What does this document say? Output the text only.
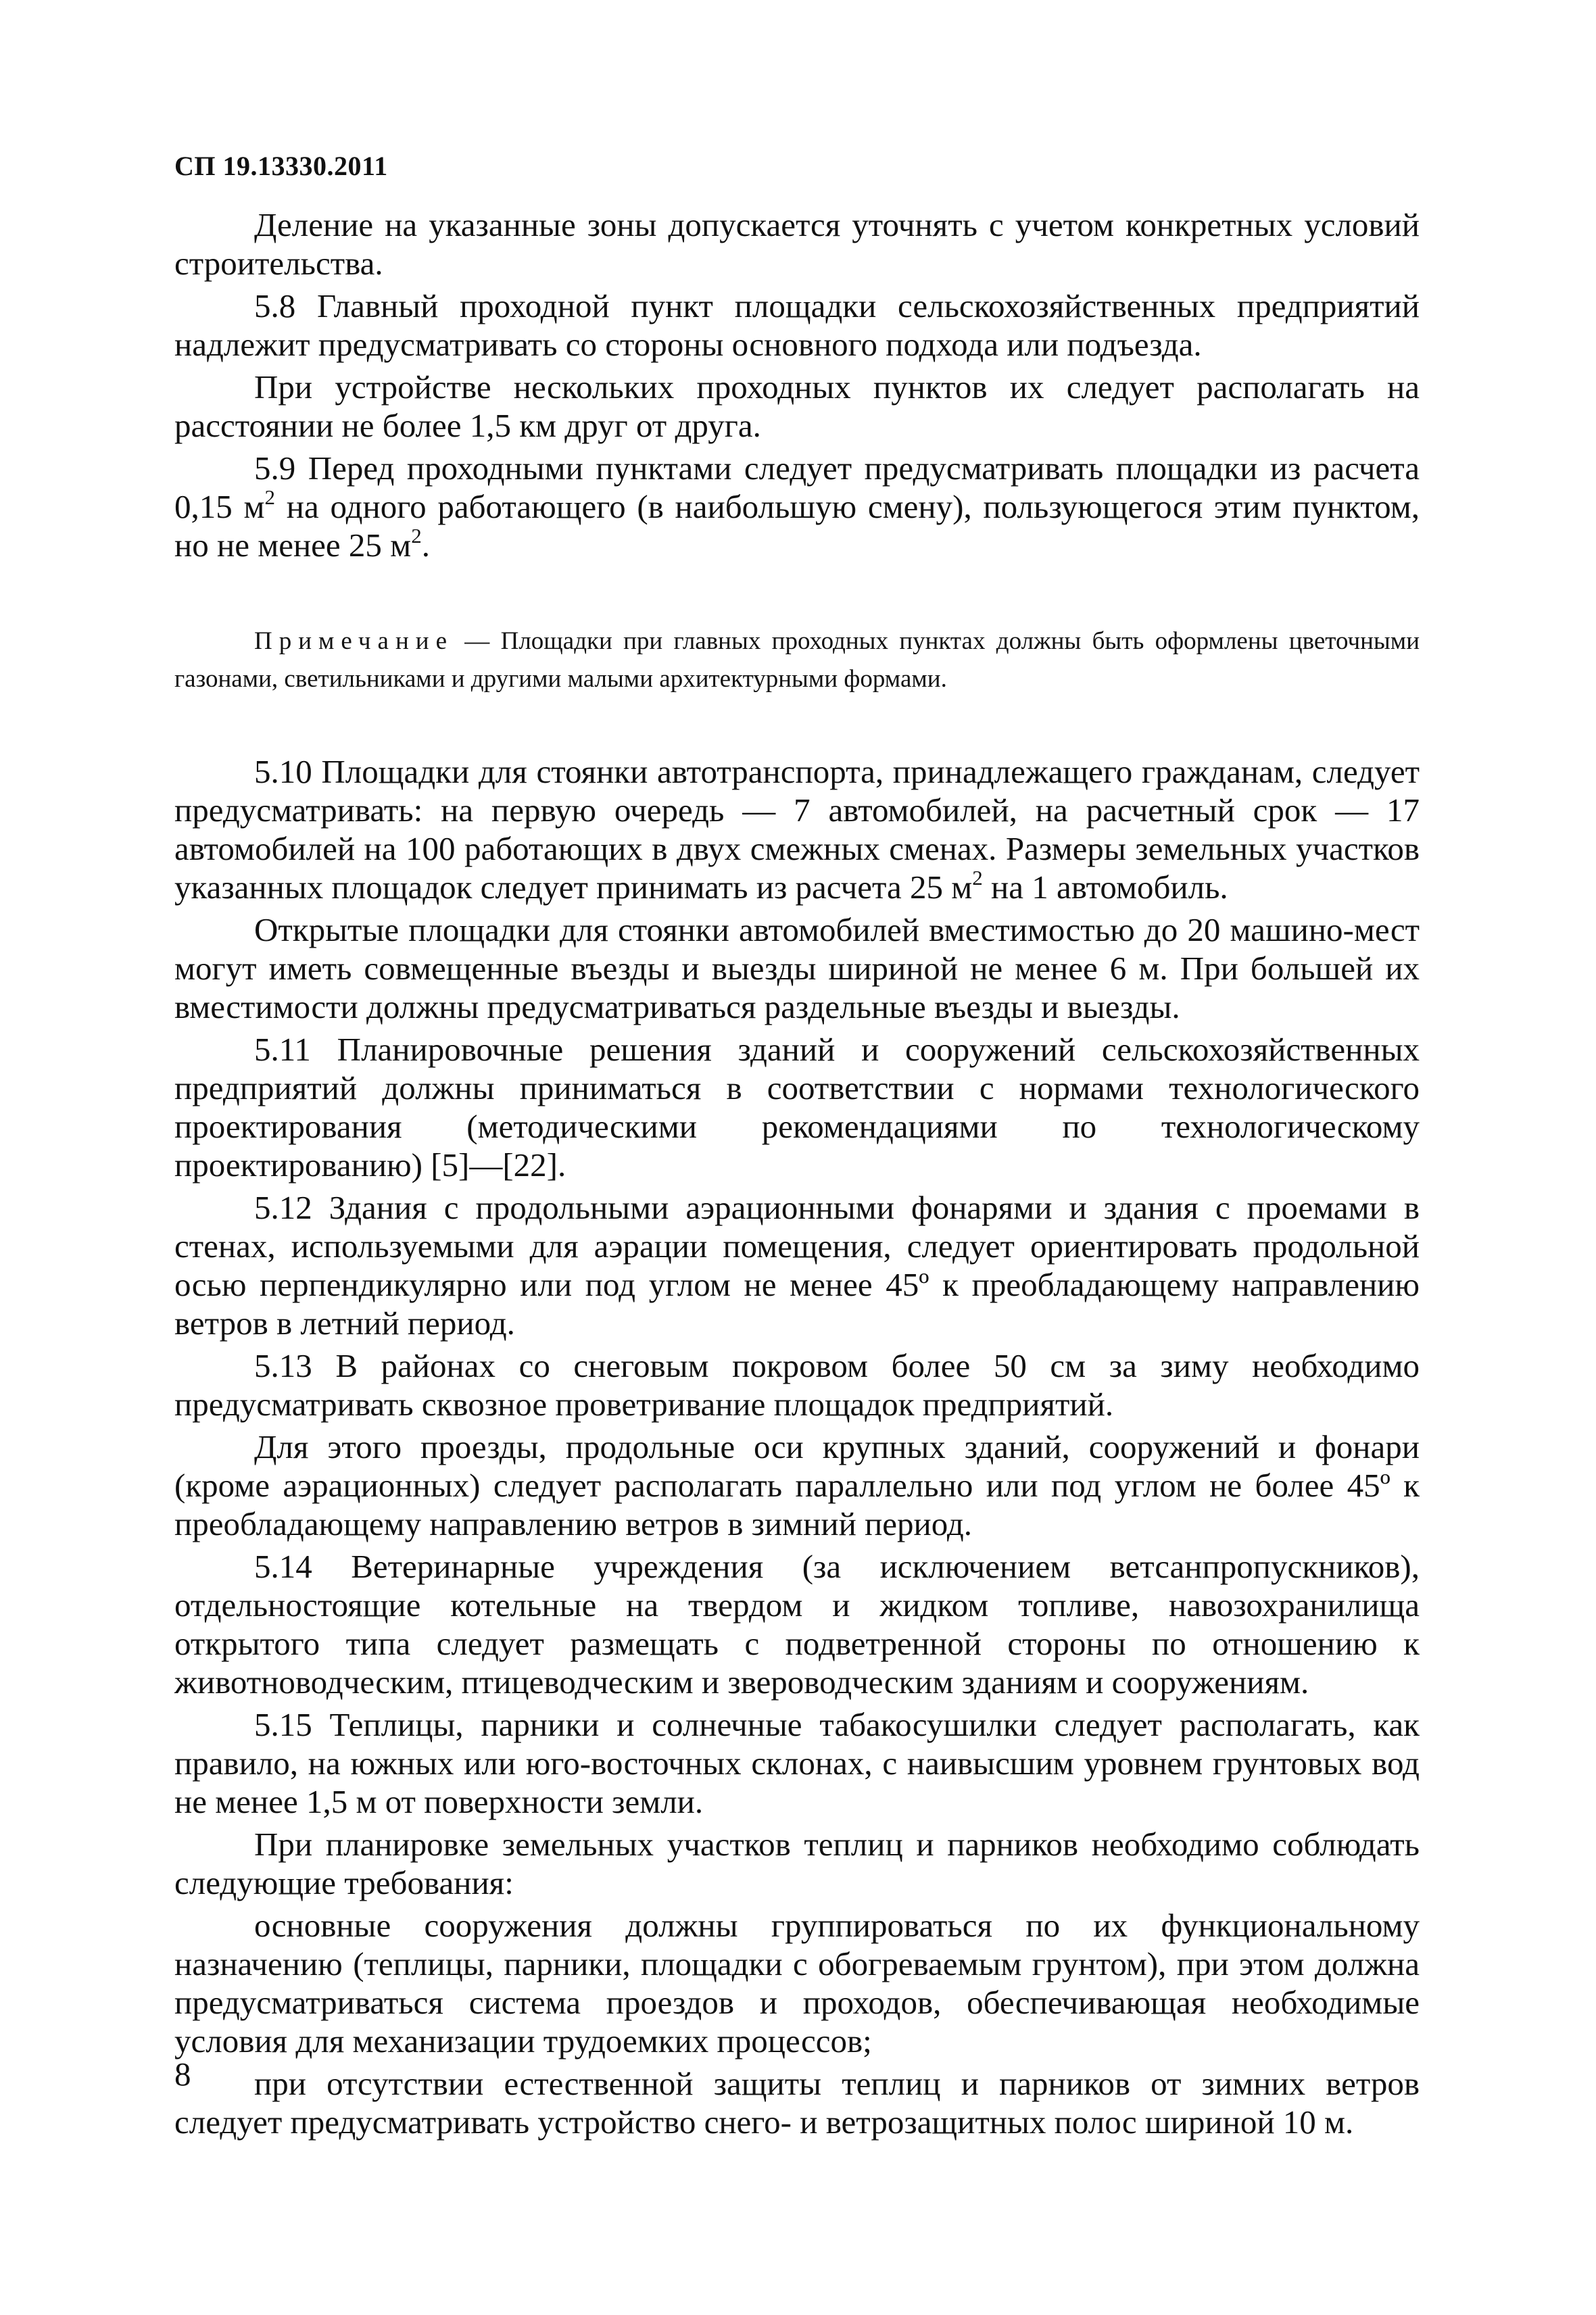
СП 19.13330.2011

Деление на указанные зоны допускается уточнять с учетом конкретных условий строительства.

5.8 Главный проходной пункт площадки сельскохозяйственных предприятий надлежит предусматривать со стороны основного подхода или подъезда.

При устройстве нескольких проходных пунктов их следует располагать на расстоянии не более 1,5 км друг от друга.

5.9 Перед проходными пунктами следует предусматривать площадки из расчета 0,15 $м^2$ на одного работающего (в наибольшую смену), пользующегося этим пунктом, но не менее 25 $м^2$.

Примечание — Площадки при главных проходных пунктах должны быть оформлены цветочными газонами, светильниками и другими малыми архитектурными формами.

5.10 Площадки для стоянки автотранспорта, принадлежащего гражданам, следует предусматривать: на первую очередь — 7 автомобилей, на расчетный срок — 17 автомобилей на 100 работающих в двух смежных сменах. Размеры земельных участков указанных площадок следует принимать из расчета 25 $м^2$ на 1 автомобиль.

Открытые площадки для стоянки автомобилей вместимостью до 20 машино-мест могут иметь совмещенные въезды и выезды шириной не менее 6 м. При большей их вместимости должны предусматриваться раздельные въезды и выезды.

5.11 Планировочные решения зданий и сооружений сельскохозяйственных предприятий должны приниматься в соответствии с нормами технологического проектирования (методическими рекомендациями по технологическому проектированию) [5]—[22].

5.12 Здания с продольными аэрационными фонарями и здания с проемами в стенах, используемыми для аэрации помещения, следует ориентировать продольной осью перпендикулярно или под углом не менее 45º к преобладающему направлению ветров в летний период.

5.13 В районах со снеговым покровом более 50 см за зиму необходимо предусматривать сквозное проветривание площадок предприятий.

Для этого проезды, продольные оси крупных зданий, сооружений и фонари (кроме аэрационных) следует располагать параллельно или под углом не более 45º к преобладающему направлению ветров в зимний период.

5.14 Ветеринарные учреждения (за исключением ветсанпропускников), отдельностоящие котельные на твердом и жидком топливе, навозохранилища открытого типа следует размещать с подветренной стороны по отношению к животноводческим, птицеводческим и звероводческим зданиям и сооружениям.

5.15 Теплицы, парники и солнечные табакосушилки следует располагать, как правило, на южных или юго-восточных склонах, с наивысшим уровнем грунтовых вод не менее 1,5 м от поверхности земли.

При планировке земельных участков теплиц и парников необходимо соблюдать следующие требования:

основные сооружения должны группироваться по их функциональному назначению (теплицы, парники, площадки с обогреваемым грунтом), при этом должна предусматриваться система проездов и проходов, обеспечивающая необходимые условия для механизации трудоемких процессов;

при отсутствии естественной защиты теплиц и парников от зимних ветров следует предусматривать устройство снего- и ветрозащитных полос шириной 10 м.

8
